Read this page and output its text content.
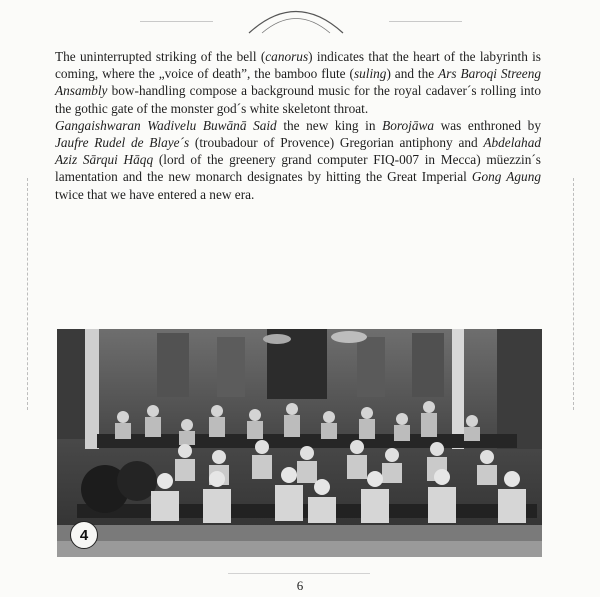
The uninterrupted striking of the bell (canorus) indicates that the heart of the labyrinth is coming, where the „voice of death”, the bamboo flute (suling) and the Ars Baroqi Streeng Ansambly bow-handling compose a background music for the royal cadaver´s rolling into the gothic gate of the monster god´s white skeletont throat.

Gangaishwaran Wadivelu Buwānā Said the new king in Borojāwa was enthroned by Jaufre Rudel de Blaye´s (troubadour of Provence) Gregorian antiphony and Abdelahad Aziz Sārqui Hāqq (lord of the greenery grand computer FIQ-007 in Mecca) müezzin´s lamentation and the new monarch designates by hitting the Great Imperial Gong Agung twice that we have entered a new era.

4
6
